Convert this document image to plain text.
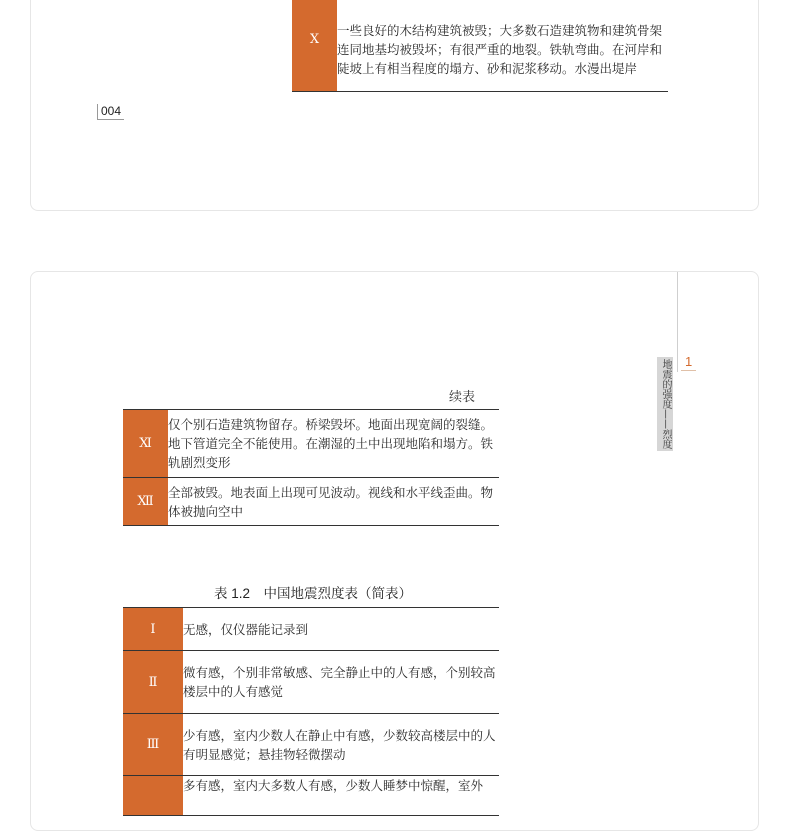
Ⅹ	一些良好的木结构建筑被毁；大多数石造建筑物和建筑骨架连同地基均被毁坏；有很严重的地裂。铁轨弯曲。在河岸和陡坡上有相当程度的塌方、砂和泥浆移动。水漫出堤岸
004
1
地震的强度——烈度
续表
Ⅺ	仅个别石造建筑物留存。桥梁毁坏。地面出现宽阔的裂缝。地下管道完全不能使用。在潮湿的土中出现地陷和塌方。铁轨剧烈变形
Ⅻ	全部被毁。地表面上出现可见波动。视线和水平线歪曲。物体被抛向空中
表 1.2　中国地震烈度表（简表）
Ⅰ	无感，仅仪器能记录到
Ⅱ	微有感，个别非常敏感、完全静止中的人有感，个别较高楼层中的人有感觉
Ⅲ	少有感，室内少数人在静止中有感，少数较高楼层中的人有明显感觉；悬挂物轻微摆动
	多有感，室内大多数人有感，少数人睡梦中惊醒，室外
